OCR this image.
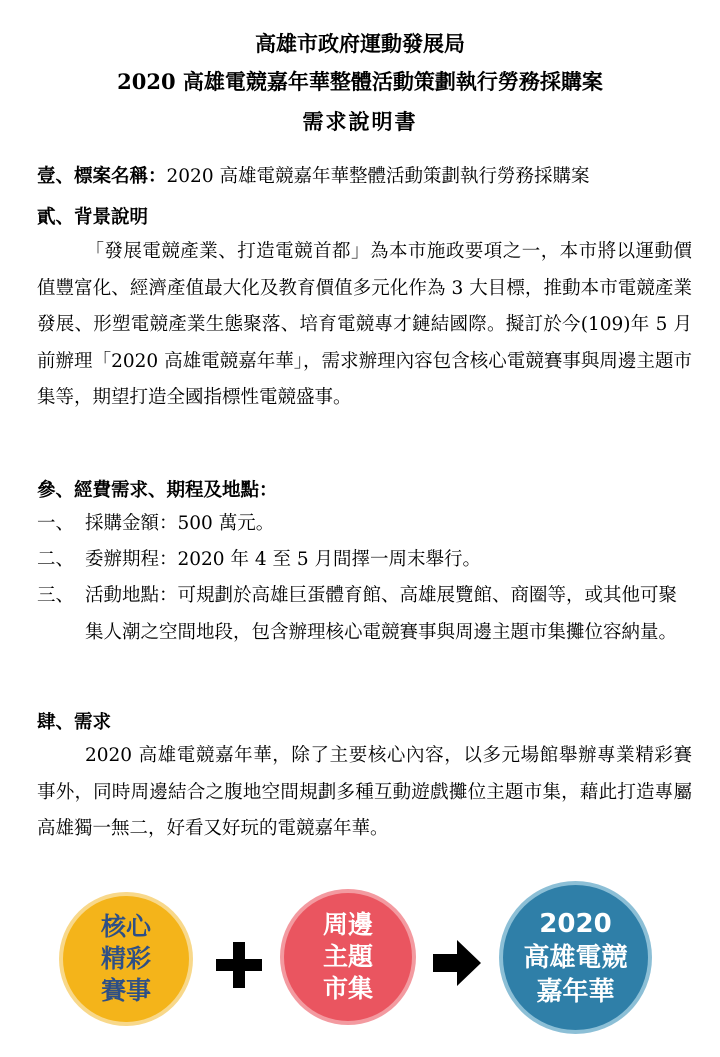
高雄市政府運動發展局
2020 高雄電競嘉年華整體活動策劃執行勞務採購案
需求說明書
壹、標案名稱：2020 高雄電競嘉年華整體活動策劃執行勞務採購案
貳、背景說明
「發展電競產業、打造電競首都」為本市施政要項之一，本市將以運動價值豐富化、經濟產值最大化及教育價值多元化作為 3 大目標，推動本市電競產業發展、形塑電競產業生態聚落、培育電競專才鏈結國際。擬訂於今(109)年 5 月前辦理「2020 高雄電競嘉年華」，需求辦理內容包含核心電競賽事與周邊主題市集等，期望打造全國指標性電競盛事。
參、經費需求、期程及地點：
一、 採購金額：500 萬元。
二、 委辦期程：2020 年 4 至 5 月間擇一周末舉行。
三、 活動地點：可規劃於高雄巨蛋體育館、高雄展覽館、商圈等，或其他可聚集人潮之空間地段，包含辦理核心電競賽事與周邊主題市集攤位容納量。
肆、需求
2020 高雄電競嘉年華，除了主要核心內容，以多元場館舉辦專業精彩賽事外，同時周邊結合之腹地空間規劃多種互動遊戲攤位主題市集，藉此打造專屬高雄獨一無二，好看又好玩的電競嘉年華。
核心
精彩
賽事
周邊
主題
市集
2020
高雄電競
嘉年華
